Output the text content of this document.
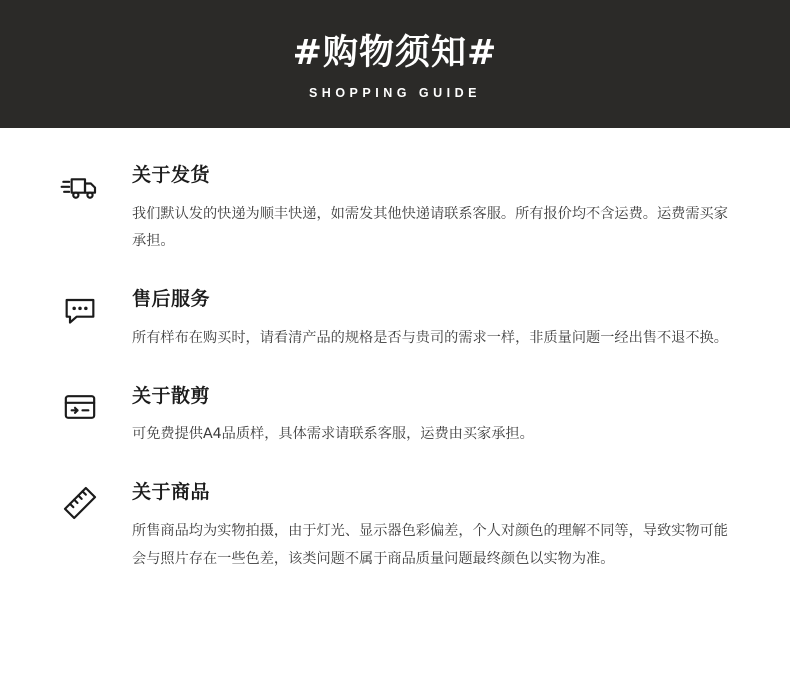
#购物须知#
SHOPPING GUIDE
关于发货
我们默认发的快递为顺丰快递，如需发其他快递请联系客服。所有报价均不含运费。运费需买家承担。
售后服务
所有样布在购买时，请看清产品的规格是否与贵司的需求一样，非质量问题一经出售不退不换。
关于散剪
可免费提供A4品质样，具体需求请联系客服，运费由买家承担。
关于商品
所售商品均为实物拍摄，由于灯光、显示器色彩偏差，个人对颜色的理解不同等，导致实物可能会与照片存在一些色差，该类问题不属于商品质量问题最终颜色以实物为准。
